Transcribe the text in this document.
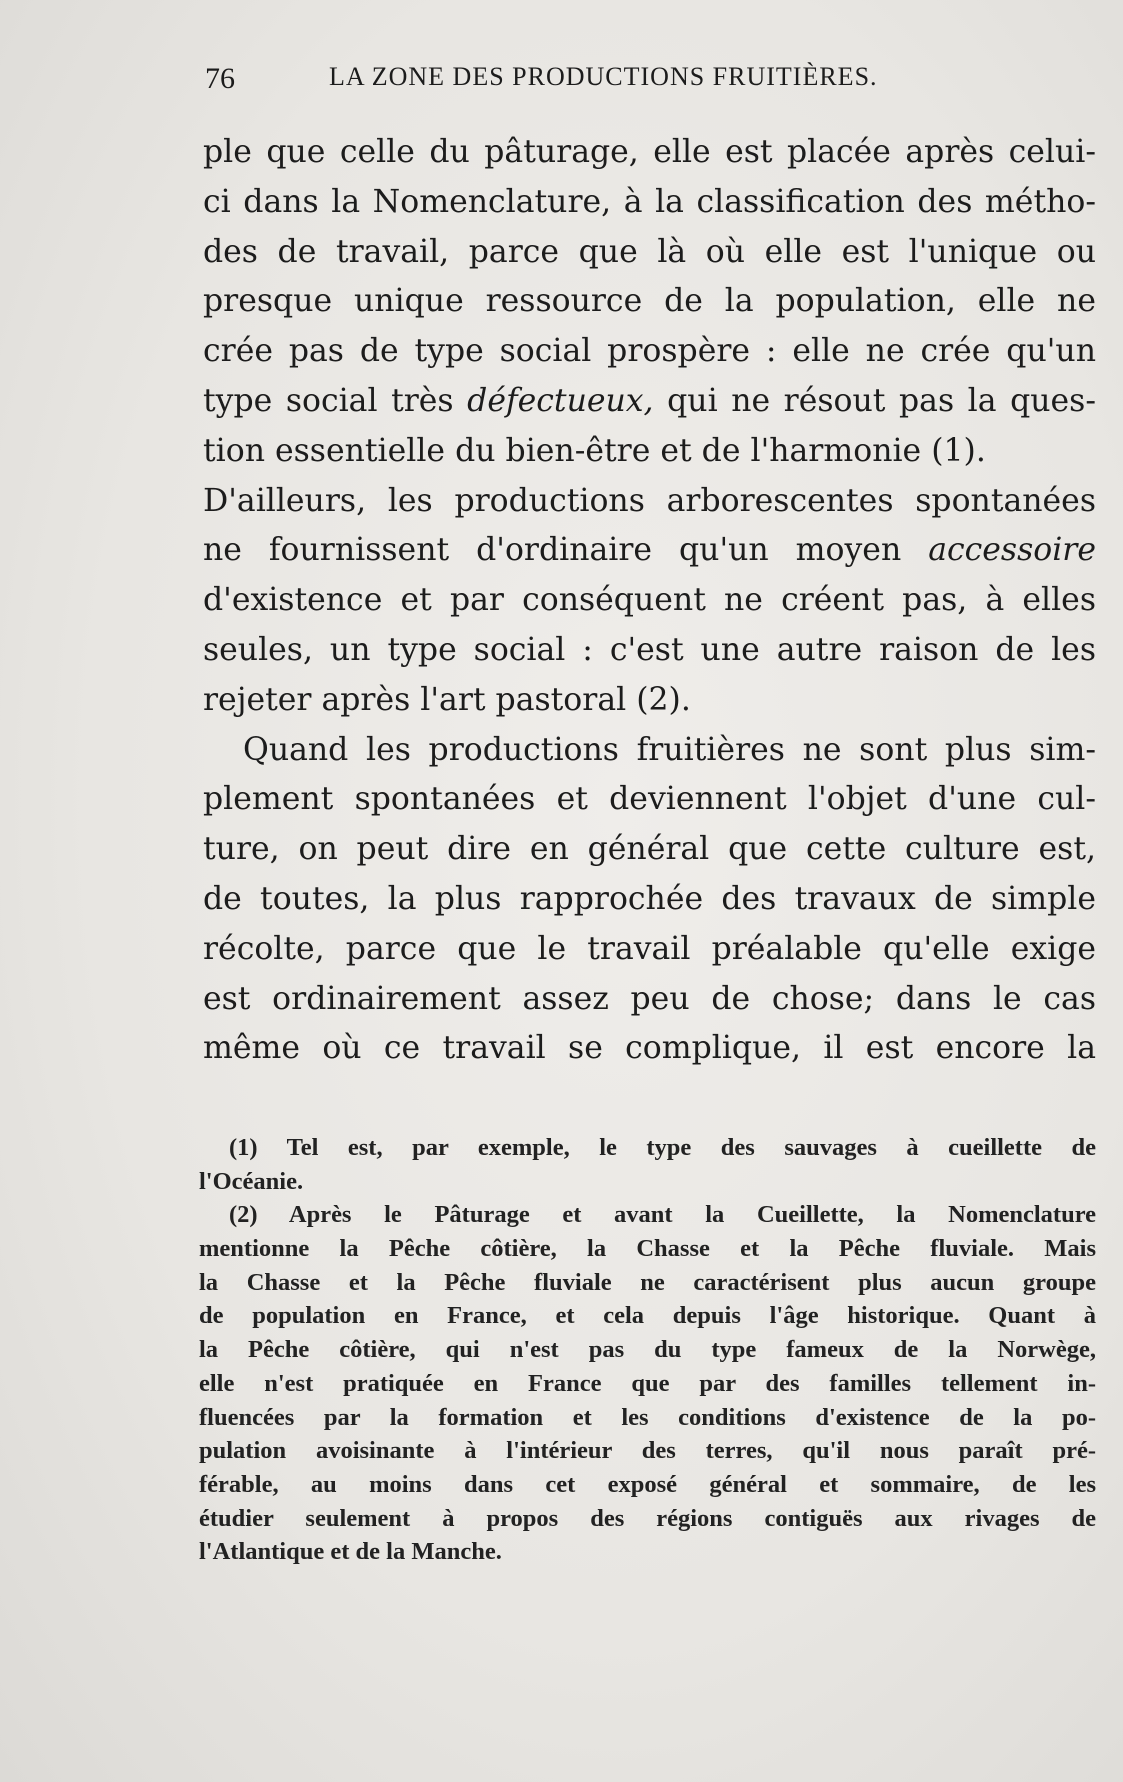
76	LA ZONE DES PRODUCTIONS FRUITIÈRES.
ple que celle du pâturage, elle est placée après celui-
ci dans la Nomenclature, à la classification des métho-
des de travail, parce que là où elle est l'unique ou
presque unique ressource de la population, elle ne
crée pas de type social prospère : elle ne crée qu'un
type social très défectueux, qui ne résout pas la ques-
tion essentielle du bien-être et de l'harmonie (1).
D'ailleurs, les productions arborescentes spontanées
ne fournissent d'ordinaire qu'un moyen accessoire
d'existence et par conséquent ne créent pas, à elles
seules, un type social : c'est une autre raison de les
rejeter après l'art pastoral (2).
Quand les productions fruitières ne sont plus sim-
plement spontanées et deviennent l'objet d'une cul-
ture, on peut dire en général que cette culture est,
de toutes, la plus rapprochée des travaux de simple
récolte, parce que le travail préalable qu'elle exige
est ordinairement assez peu de chose; dans le cas
même où ce travail se complique, il est encore la
(1) Tel est, par exemple, le type des sauvages à cueillette de
l'Océanie.
(2) Après le Pâturage et avant la Cueillette, la Nomenclature
mentionne la Pêche côtière, la Chasse et la Pêche fluviale. Mais
la Chasse et la Pêche fluviale ne caractérisent plus aucun groupe
de population en France, et cela depuis l'âge historique. Quant à
la Pêche côtière, qui n'est pas du type fameux de la Norwège,
elle n'est pratiquée en France que par des familles tellement in-
fluencées par la formation et les conditions d'existence de la po-
pulation avoisinante à l'intérieur des terres, qu'il nous paraît pré-
férable, au moins dans cet exposé général et sommaire, de les
étudier seulement à propos des régions contiguës aux rivages de
l'Atlantique et de la Manche.
